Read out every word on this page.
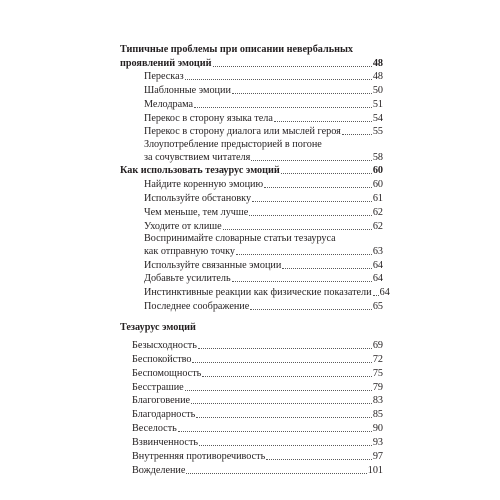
Типичные проблемы при описании невербальных
проявлений эмоций	48
Пересказ	48
Шаблонные эмоции	50
Мелодрама	51
Перекос в сторону языка тела	54
Перекос в сторону диалога или мыслей героя	55
Злоупотребление предысторией в погоне
за сочувствием читателя	58
Как использовать тезаурус эмоций	60
Найдите коренную эмоцию	60
Используйте обстановку	61
Чем меньше, тем лучше	62
Уходите от клише	62
Воспринимайте словарные статьи тезауруса
как отправную точку	63
Используйте связанные эмоции	64
Добавьте усилитель	64
Инстинктивные реакции как физические показатели 64
Последнее соображение	65
Тезаурус эмоций
Безысходность	69
Беспокойство	72
Беспомощность	75
Бесстрашие	79
Благоговение	83
Благодарность	85
Веселость	90
Взвинченность	93
Внутренняя противоречивость	97
Вожделение	101
